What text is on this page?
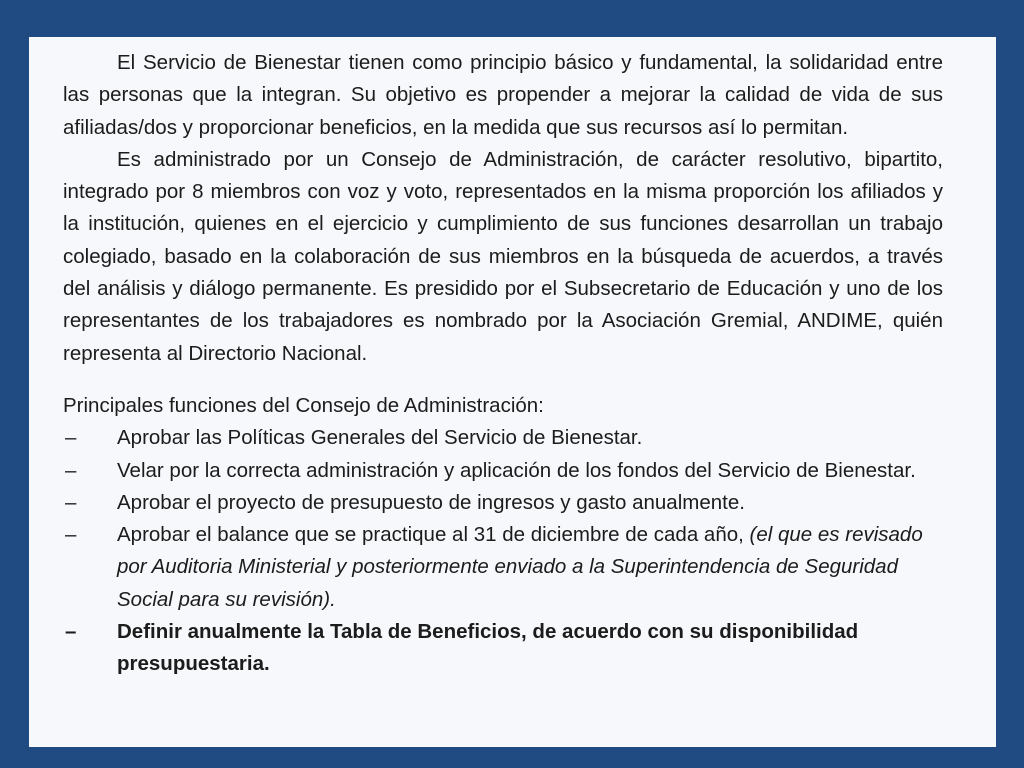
El Servicio de Bienestar tienen como principio básico y fundamental, la solidaridad entre las personas que la integran. Su objetivo es propender a mejorar la calidad de vida de sus afiliadas/dos y proporcionar beneficios, en la medida que sus recursos así lo permitan.

Es administrado por un Consejo de Administración, de carácter resolutivo, bipartito, integrado por 8 miembros con voz y voto, representados en la misma proporción los afiliados y la institución, quienes en el ejercicio y cumplimiento de sus funciones desarrollan un trabajo colegiado, basado en la colaboración de sus miembros en la búsqueda de acuerdos, a través del análisis y diálogo permanente. Es presidido por el Subsecretario de Educación y uno de los representantes de los trabajadores es nombrado por la Asociación Gremial, ANDIME, quién representa al Directorio Nacional.

Principales funciones del Consejo de Administración:

– Aprobar las Políticas Generales del Servicio de Bienestar.
– Velar por la correcta administración y aplicación de los fondos del Servicio de Bienestar.
– Aprobar el proyecto de presupuesto de ingresos y gasto anualmente.
– Aprobar el balance que se practique al 31 de diciembre de cada año, (el que es revisado por Auditoria Ministerial y posteriormente enviado a la Superintendencia de Seguridad Social para su revisión).
– Definir anualmente la Tabla de Beneficios, de acuerdo con su disponibilidad presupuestaria.
